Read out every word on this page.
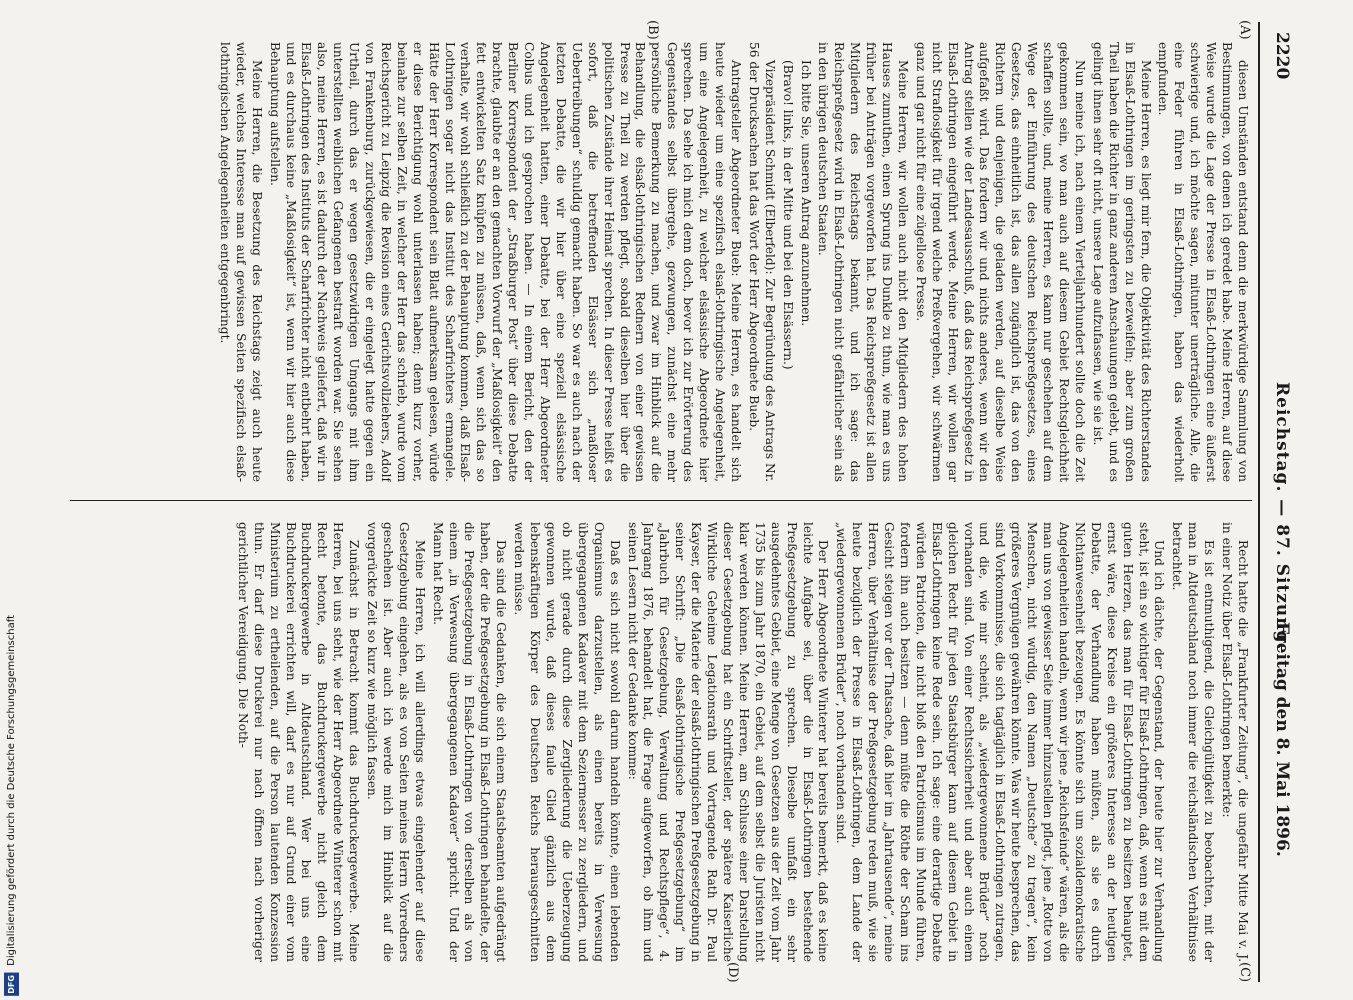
2220
Reichstag. — 87. Sitzung.
Freitag den 8. Mai 1896.
(A)
(B)
(C)
(D)

diesen Umständen entstand denn die merkwürdige Sammlung von Bestimmungen, von denen ich geredet habe. Meine Herren, auf diese Weise wurde die Lage der Presse in Elsaß-Lothringen eine äußerst schwierige und, ich möchte sagen, mitunter unerträgliche. Alle, die eine Feder führen in Elsaß-Lothringen, haben das wiederholt empfunden.

Meine Herren, es liegt mir fern, die Objektivität des Richterstandes in Elsaß-Lothringen im geringsten zu bezweifeln; aber zum großen Theil haben die Richter in ganz anderen Anschauungen gelebt, und es gelingt ihnen sehr oft nicht, unsere Lage aufzufassen, wie sie ist.

Nun meine ich, nach einem Vierteljahrhundert sollte doch die Zeit gekommen sein, wo man auch auf diesem Gebiet Rechtsgleichheit schaffen sollte, und, meine Herren, es kann nur geschehen auf dem Wege der Einführung des deutschen Reichspreßgesetzes, eines Gesetzes, das einheitlich ist, das allen zugänglich ist, das von den Richtern und denjenigen, die geladen werden, auf dieselbe Weise aufgefaßt wird. Das fordern wir und nichts anderes, wenn wir den Antrag stellen wie der Landesausschuß, daß das Reichspreßgesetz in Elsaß-Lothringen eingeführt werde. Meine Herren, wir wollen gar nicht Straflosigkeit für irgend welche Preßvergehen, wir schwärmen ganz und gar nicht für eine zügellose Presse.

Meine Herren, wir wollen auch nicht den Mitgliedern des hohen Hauses zumuthen, einen Sprung ins Dunkle zu thun, wie man es uns früher bei Anträgen vorgeworfen hat. Das Reichspreßgesetz ist allen Mitgliedern des Reichstags bekannt, und ich sage: das Reichspreßgesetz wird in Elsaß-Lothringen nicht gefährlicher sein als in den übrigen deutschen Staaten.

Ich bitte Sie, unseren Antrag anzunehmen.

(Bravo! links, in der Mitte und bei den Elsässern.)

Vizepräsident Schmidt (Elberfeld): Zur Begründung des Antrags Nr. 56 der Drucksachen hat das Wort der Herr Abgeordnete Bueb.

Antragsteller Abgeordneter Bueb: Meine Herren, es handelt sich heute wieder um eine spezifisch elsaß-lothringische Angelegenheit, um eine Angelegenheit, zu welcher elsässische Abgeordnete hier sprechen. Da sehe ich mich denn doch, bevor ich zur Erörterung des Gegenstandes selbst übergehe, gezwungen, zunächst eine mehr persönliche Bemerkung zu machen, und zwar im Hinblick auf die Behandlung, die elsaß-lothringischen Rednern von einer gewissen Presse zu Theil zu werden pflegt, sobald dieselben hier über die politischen Zustände ihrer Heimat sprechen. In dieser Presse heißt es sofort, daß die betreffenden Elsässer sich „maßloser Uebertreibungen“ schuldig gemacht haben. So war es auch nach der letzten Debatte, die wir hier über eine speziell elsässische Angelegenheit hatten, einer Debatte, bei der Herr Abgeordneter Colbus und ich gesprochen haben. — In einem Bericht, den der Berliner Korrespondent der „Straßburger Post“ über diese Debatte brachte, glaubte er an den gemachten Vorwurf der „Maßlosigkeit“ den fett entwickelten Satz knüpfen zu müssen, daß, wenn sich das so verhalte, wir wohl schließlich zu der Behauptung kommen, daß Elsaß-Lothringen sogar nicht das Institut des Scharfrichters ermangele. Hätte der Herr Korrespondent sein Blatt aufmerksam gelesen, würde er diese Berichtigung wohl unterlassen haben; denn kurz vorher, beinahe zur selben Zeit, in welcher der Herr das schrieb, wurde vom Reichsgericht zu Leipzig die Revision eines Gerichtsvollziehers, Adolf von Frankenburg, zurückgewiesen, die er eingelegt hatte gegen ein Urtheil, durch das er wegen gesetzwidrigen Umgangs mit ihm unterstellten weiblichen Gefangenen bestraft worden war. Sie sehen also, meine Herren, es ist dadurch der Nachweis geliefert, daß wir in Elsaß-Lothringen des Instituts der Scharfrichter nicht entbehrt haben, und es durchaus keine „Maßlosigkeit“ ist, wenn wir hier auch diese Behauptung aufstellen.

Meine Herren, die Besetzung des Reichstags zeigt auch heute wieder, welches Interesse man auf gewissen Seiten spezifisch elsaß-lothringischen Angelegenheiten entgegenbringt.

Recht hatte die „Frankfurter Zeitung“, die ungefähr Mitte Mai v. J. in einer Notiz über Elsaß-Lothringen bemerkte:

Es ist entmuthigend, die Gleichgültigkeit zu beobachten, mit der man in Altdeutschland noch immer die reichsländischen Verhältnisse betrachtet.

Und ich dächte, der Gegenstand, der heute hier zur Verhandlung steht, ist ein so wichtiger für Elsaß-Lothringen, daß, wenn es mit dem guten Herzen, das man für Elsaß-Lothringen zu besitzen behauptet, ernst wäre, diese Kreise ein größeres Interesse an der heutigen Debatte, der Verhandlung haben müßten, als sie es durch Nichtanwesenheit bezeugen. Es könnte sich um sozialdemokratische Angelegenheiten handeln, wenn wir jene „Reichsfeinde“ wären, als die man uns von gewisser Seite immer hinzustellen pflegt, jene „Rotte von Menschen, nicht würdig, den Namen „Deutsche“ zu tragen“, kein größeres Vergnügen gewähren könnte. Was wir heute besprechen, das sind Vorkommnisse, die sich tagtäglich in Elsaß-Lothringen zutragen, und die, wie mir scheint, als „wiedergewonnene Brüder“ noch vorhanden sind. Von einer Rechtssicherheit und aber auch einem gleichen Recht für jeden Staatsbürger kann auf diesem Gebiet in Elsaß-Lothringen keine Rede sein. Ich sage: eine derartige Debatte würden Patrioten, die nicht bloß den Patriotismus im Munde führen, fordern ihn auch besitzen — denn müßte die Röthe der Scham ins Gesicht steigen vor der Thatsache, daß hier im „Jahrtausende“, meine Herren, über Verhältnisse der Preßgesetzgebung reden muß, wie sie heute bezüglich der Presse in Elsaß-Lothringen, dem Lande der „wiedergewonnenen Brüder“, noch vorhanden sind.

Der Herr Abgeordnete Winterer hat bereits bemerkt, daß es keine leichte Aufgabe sei, über die in Elsaß-Lothringen bestehende Preßgesetzgebung zu sprechen. Dieselbe umfaßt ein sehr ausgedehntes Gebiet, eine Menge von Gesetzen aus der Zeit vom Jahr 1735 bis zum Jahr 1870, ein Gebiet, auf dem selbst die Juristen nicht klar werden können. Meine Herren, am Schlusse einer Darstellung dieser Gesetzgebung hat ein Schriftsteller, der spätere Kaiserliche Wirkliche Geheime Legationsrath und Vortragende Rath Dr. Paul Kayser, der die Materie der elsaß-lothringischen Preßgesetzgebung in seiner Schrift: „Die elsaß-lothringische Preßgesetzgebung“ im „Jahrbuch für Gesetzgebung, Verwaltung und Rechtspflege“, 4. Jahrgang 1876, behandelt hat, die Frage aufgeworfen, ob ihm und seinen Lesern nicht der Gedanke komme:

Daß es sich nicht sowohl darum handeln könnte, einen lebenden Organismus darzustellen, als einen bereits in Verwesung übergegangenen Kadaver mit dem Seziermesser zu zergliedern, und ob nicht gerade durch diese Zergliederung die Ueberzeugung gewonnen wurde, daß dieses faule Glied gänzlich aus dem lebenskräftigen Körper des Deutschen Reichs herausgeschnitten werden müsse.

Das sind die Gedanken, die sich einem Staatsbeamten aufgedrängt haben, der die Preßgesetzgebung in Elsaß-Lothringen behandelte, der die Preßgesetzgebung in Elsaß-Lothringen von derselben als von einem „in Verwesung übergegangenen Kadaver“ spricht. Und der Mann hat Recht.

Meine Herren, ich will allerdings etwas eingehender auf diese Gesetzgebung eingehen, als es von Seiten meines Herrn Vorredners geschehen ist. Aber auch ich werde mich im Hinblick auf die vorgerückte Zeit so kurz wie möglich fassen.

Zunächst in Betracht kommt das Buchdruckergewerbe. Meine Herren, bei uns steht, wie der Herr Abgeordnete Winterer schon mit Recht betonte, das Buchdruckergewerbe nicht gleich dem Buchdruckergewerbe in Altdeutschland. Wer bei uns eine Buchdruckerei errichten will, darf es nur auf Grund einer vom Ministerium zu ertheilenden, auf die Person lautenden Konzession thun. Er darf diese Druckerei nur nach öffnen nach vorheriger gerichtlicher Vereidigung. Die Noth-

DFG Digitalisierung gefördert durch die Deutsche Forschungsgemeinschaft
